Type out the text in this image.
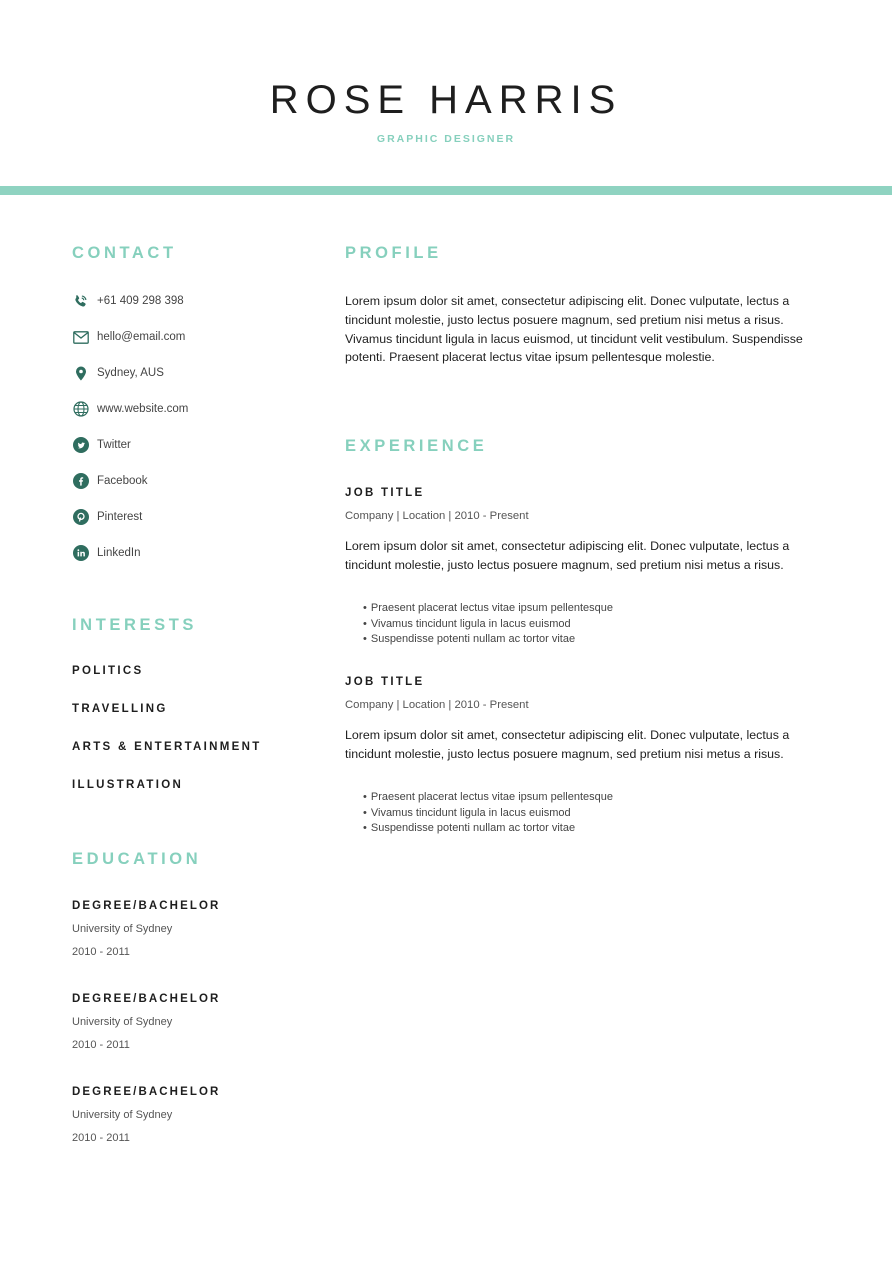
ROSE HARRIS
GRAPHIC DESIGNER
CONTACT
+61 409 298 398
hello@email.com
Sydney, AUS
www.website.com
Twitter
Facebook
Pinterest
LinkedIn
INTERESTS
POLITICS
TRAVELLING
ARTS & ENTERTAINMENT
ILLUSTRATION
EDUCATION
DEGREE/BACHELOR
University of Sydney
2010 - 2011
DEGREE/BACHELOR
University of Sydney
2010 - 2011
DEGREE/BACHELOR
University of Sydney
2010 - 2011
PROFILE
Lorem ipsum dolor sit amet, consectetur adipiscing elit. Donec vulputate, lectus a tincidunt molestie, justo lectus posuere magnum, sed pretium nisi metus a risus. Vivamus tincidunt ligula in lacus euismod, ut tincidunt velit vestibulum. Suspendisse potenti. Praesent placerat lectus vitae ipsum pellentesque molestie.
EXPERIENCE
JOB TITLE
Company | Location | 2010 - Present
Lorem ipsum dolor sit amet, consectetur adipiscing elit. Donec vulputate, lectus a tincidunt molestie, justo lectus posuere magnum, sed pretium nisi metus a risus.
• Praesent placerat lectus vitae ipsum pellentesque
• Vivamus tincidunt ligula in lacus euismod
• Suspendisse potenti nullam ac tortor vitae
JOB TITLE
Company | Location | 2010 - Present
Lorem ipsum dolor sit amet, consectetur adipiscing elit. Donec vulputate, lectus a tincidunt molestie, justo lectus posuere magnum, sed pretium nisi metus a risus.
• Praesent placerat lectus vitae ipsum pellentesque
• Vivamus tincidunt ligula in lacus euismod
• Suspendisse potenti nullam ac tortor vitae
